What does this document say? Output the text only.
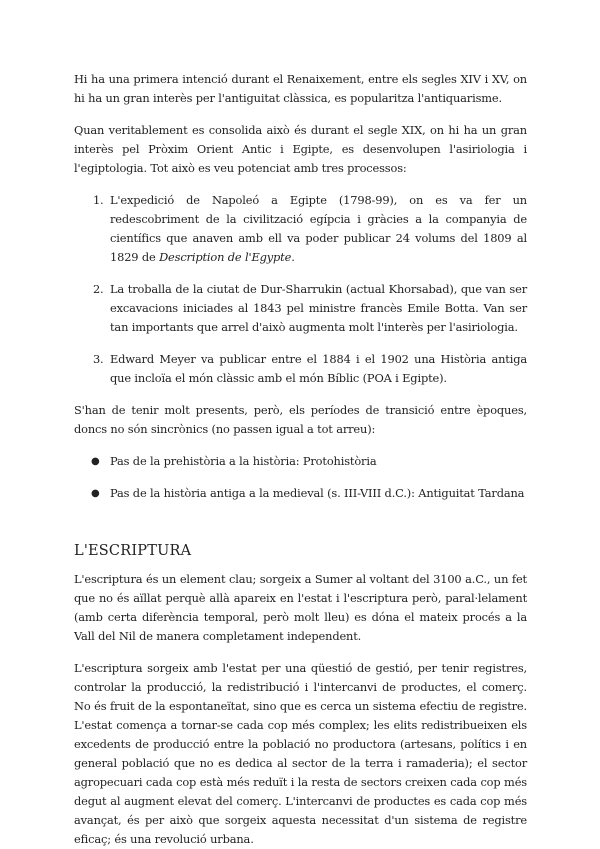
Hi ha una primera intenció durant el Renaixement, entre els segles XIV i XV, on hi ha un gran interès per l'antiguitat clàssica, es popularitza l'antiquarisme.

Quan veritablement es consolida això és durant el segle XIX, on hi ha un gran interès pel Pròxim Orient Antic i Egipte, es desenvolupen l'asiriologia i l'egiptologia. Tot això es veu potenciat amb tres processos:

1. L'expedició de Napoleó a Egipte (1798-99), on es va fer un redescobriment de la civilització egípcia i gràcies a la companyia de científics que anaven amb ell va poder publicar 24 volums del 1809 al 1829 de Description de l'Egypte.
2. La troballa de la ciutat de Dur-Sharrukin (actual Khorsabad), que van ser excavacions iniciades al 1843 pel ministre francès Emile Botta. Van ser tan importants que arrel d'això augmenta molt l'interès per l'asiriologia.
3. Edward Meyer va publicar entre el 1884 i el 1902 una Història antiga que incloïa el món clàssic amb el món Bíblic (POA i Egipte).

S'han de tenir molt presents, però, els períodes de transició entre èpoques, doncs no són sincrònics (no passen igual a tot arreu):

● Pas de la prehistòria a la història: Protohistòria
● Pas de la història antiga a la medieval (s. III-VIII d.C.): Antiguitat Tardana
L'ESCRIPTURA

L'escriptura és un element clau; sorgeix a Sumer al voltant del 3100 a.C., un fet que no és aïllat perquè allà apareix en l'estat i l'escriptura però, paral·lelament (amb certa diferència temporal, però molt lleu) es dóna el mateix procés a la Vall del Nil de manera completament independent.

L'escriptura sorgeix amb l'estat per una qüestió de gestió, per tenir registres, controlar la producció, la redistribució i l'intercanvi de productes, el comerç. No és fruit de la espontaneïtat, sino que es cerca un sistema efectiu de registre. L'estat comença a tornar-se cada cop més complex; les elits redistribueixen els excedents de producció entre la població no productora (artesans, polítics i en general població que no es dedica al sector de la terra i ramaderia); el sector agropecuari cada cop està més reduït i la resta de sectors creixen cada cop més degut al augment elevat del comerç. L'intercanvi de productes es cada cop més avançat, és per això que sorgeix aquesta necessitat d'un sistema de registre eficaç; és una revolució urbana.
